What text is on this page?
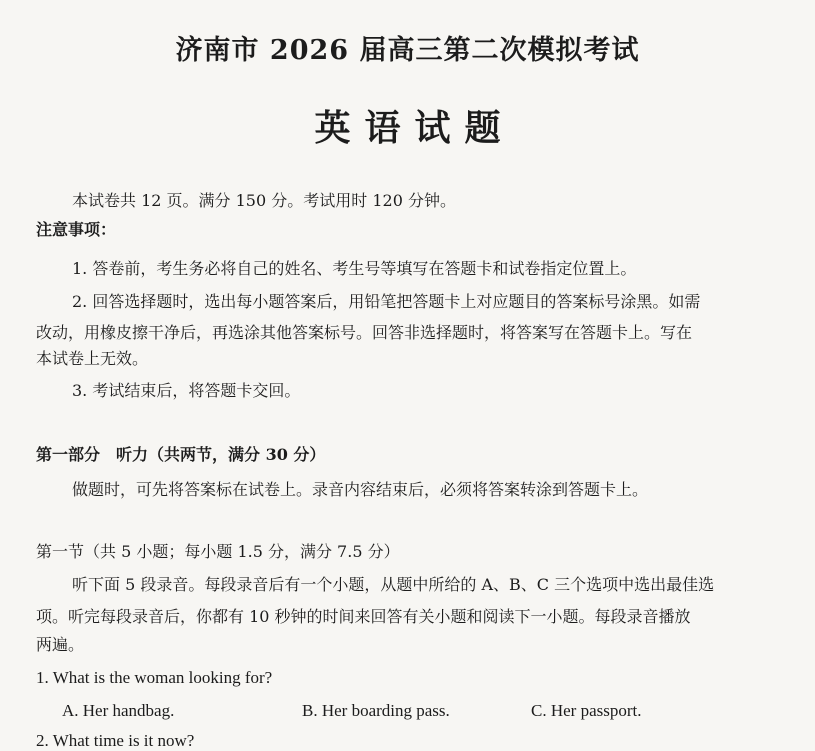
济南市 2026 届高三第二次模拟考试
英语试题
本试卷共 12 页。满分 150 分。考试用时 120 分钟。
注意事项：
1. 答卷前，考生务必将自己的姓名、考生号等填写在答题卡和试卷指定位置上。
2. 回答选择题时，选出每小题答案后，用铅笔把答题卡上对应题目的答案标号涂黑。如需
改动，用橡皮擦干净后，再选涂其他答案标号。回答非选择题时，将答案写在答题卡上。写在
本试卷上无效。
3. 考试结束后，将答题卡交回。
第一部分　听力（共两节，满分 30 分）
做题时，可先将答案标在试卷上。录音内容结束后，必须将答案转涂到答题卡上。
第一节（共 5 小题；每小题 1.5 分，满分 7.5 分）
听下面 5 段录音。每段录音后有一个小题，从题中所给的 A、B、C 三个选项中选出最佳选
项。听完每段录音后，你都有 10 秒钟的时间来回答有关小题和阅读下一小题。每段录音播放
两遍。
1. What is the woman looking for?
A. Her handbag.	B. Her boarding pass.	C. Her passport.
2. What time is it now?
